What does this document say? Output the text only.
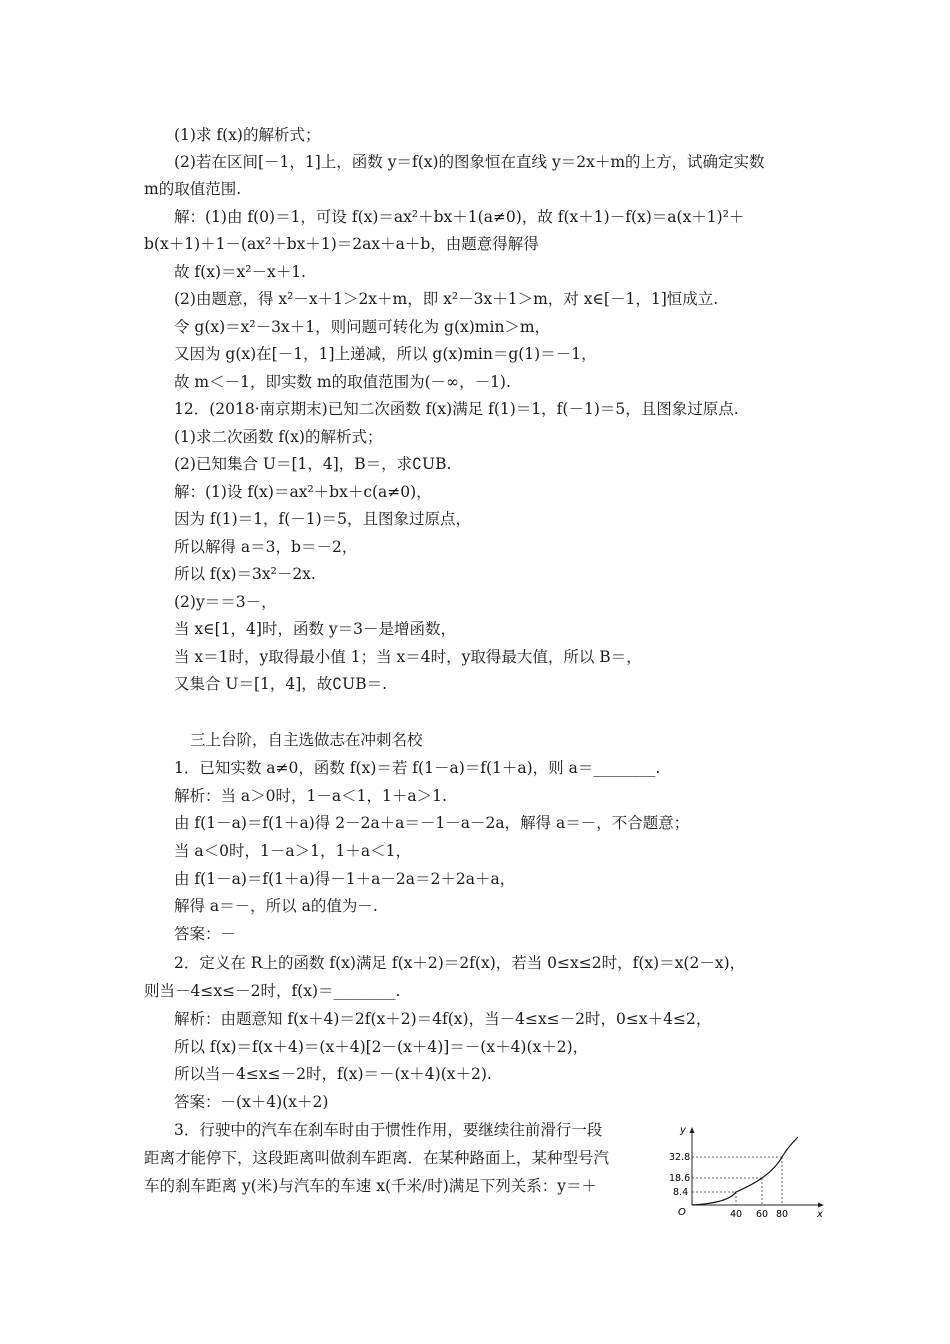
(1)求 f(x)的解析式；
(2)若在区间[－1，1]上，函数 y＝f(x)的图象恒在直线 y＝2x＋m的上方，试确定实数
m的取值范围.
解：(1)由 f(0)＝1，可设 f(x)＝ax²＋bx＋1(a≠0)，故 f(x＋1)－f(x)＝a(x＋1)²＋
b(x＋1)＋1－(ax²＋bx＋1)＝2ax＋a＋b，由题意得解得
故 f(x)＝x²－x＋1.
(2)由题意，得 x²－x＋1＞2x＋m，即 x²－3x＋1＞m，对 x∈[－1，1]恒成立.
令 g(x)＝x²－3x＋1，则问题可转化为 g(x)min＞m，
又因为 g(x)在[－1，1]上递减，所以 g(x)min＝g(1)＝－1，
故 m＜－1，即实数 m的取值范围为(－∞，－1).
12．(2018·南京期末)已知二次函数 f(x)满足 f(1)＝1，f(－1)＝5，且图象过原点.
(1)求二次函数 f(x)的解析式；
(2)已知集合 U＝[1，4]，B＝，求∁UB.
解：(1)设 f(x)＝ax²＋bx＋c(a≠0)，
因为 f(1)＝1，f(－1)＝5，且图象过原点，
所以解得 a＝3，b＝－2，
所以 f(x)＝3x²－2x.
(2)y＝＝3－，
当 x∈[1，4]时，函数 y＝3－是增函数，
当 x＝1时，y取得最小值 1；当 x＝4时，y取得最大值，所以 B＝，
又集合 U＝[1，4]，故∁UB＝.
三上台阶，自主选做志在冲刺名校
1．已知实数 a≠0，函数 f(x)＝若 f(1－a)＝f(1＋a)，则 a＝________.
解析：当 a＞0时，1－a＜1，1＋a＞1.
由 f(1－a)＝f(1＋a)得 2－2a＋a＝－1－a－2a，解得 a＝－，不合题意；
当 a＜0时，1－a＞1，1＋a＜1，
由 f(1－a)＝f(1＋a)得－1＋a－2a＝2＋2a＋a，
解得 a＝－，所以 a的值为－.
答案：－
2．定义在 R上的函数 f(x)满足 f(x＋2)＝2f(x)，若当 0≤x≤2时，f(x)＝x(2－x)，
则当－4≤x≤－2时，f(x)＝________.
解析：由题意知 f(x＋4)＝2f(x＋2)＝4f(x)，当－4≤x≤－2时，0≤x＋4≤2，
所以 f(x)＝f(x＋4)＝(x＋4)[2－(x＋4)]＝－(x＋4)(x＋2)，
所以当－4≤x≤－2时，f(x)＝－(x＋4)(x＋2).
答案：－(x＋4)(x＋2)
3．行驶中的汽车在刹车时由于惯性作用，要继续往前滑行一段
距离才能停下，这段距离叫做刹车距离．在某种路面上，某种型号汽
车的刹车距离 y(米)与汽车的车速 x(千米/时)满足下列关系：y＝＋
y
x
O
32.8
18.6
8.4
40 60 80
